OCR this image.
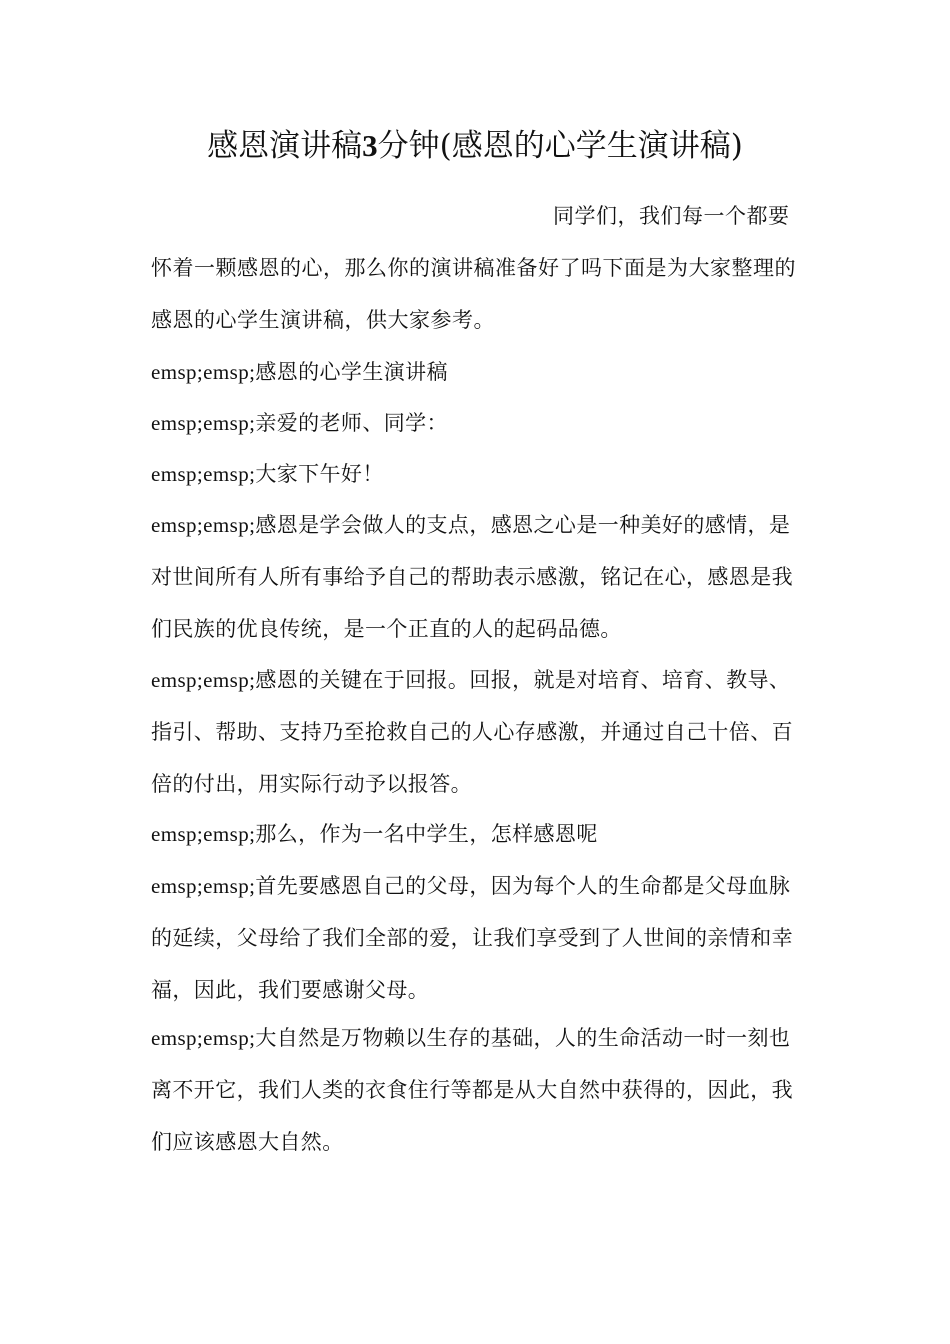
感恩演讲稿3分钟(感恩的心学生演讲稿)

同学们，我们每一个都要怀着一颗感恩的心，那么你的演讲稿准备好了吗下面是为大家整理的感恩的心学生演讲稿，供大家参考。

emsp;emsp;感恩的心学生演讲稿

emsp;emsp;亲爱的老师、同学：

emsp;emsp;大家下午好！

emsp;emsp;感恩是学会做人的支点，感恩之心是一种美好的感情，是对世间所有人所有事给予自己的帮助表示感激，铭记在心，感恩是我们民族的优良传统，是一个正直的人的起码品德。

emsp;emsp;感恩的关键在于回报。回报，就是对培育、培育、教导、指引、帮助、支持乃至抢救自己的人心存感激，并通过自己十倍、百倍的付出，用实际行动予以报答。

emsp;emsp;那么，作为一名中学生，怎样感恩呢

emsp;emsp;首先要感恩自己的父母，因为每个人的生命都是父母血脉的延续，父母给了我们全部的爱，让我们享受到了人世间的亲情和幸福，因此，我们要感谢父母。

emsp;emsp;大自然是万物赖以生存的基础，人的生命活动一时一刻也离不开它，我们人类的衣食住行等都是从大自然中获得的，因此，我们应该感恩大自然。
